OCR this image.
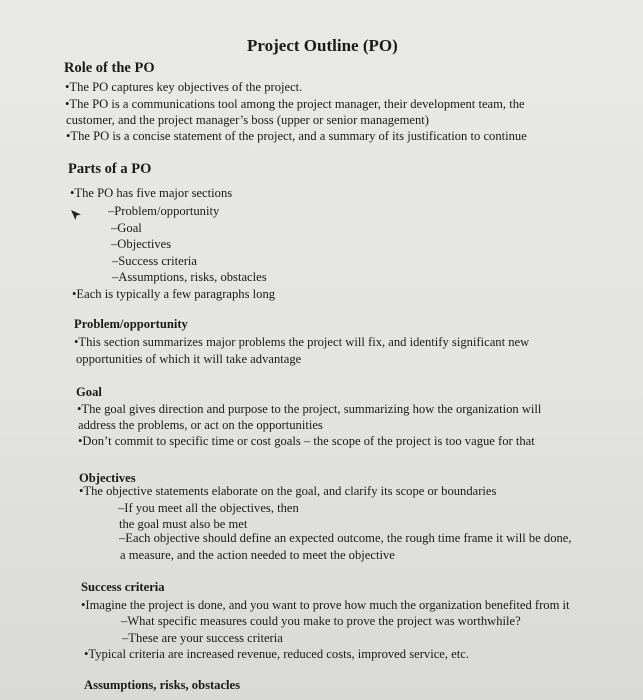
Project Outline (PO)
Role of the PO
•The PO captures key objectives of the project.
•The PO is a communications tool among the project manager, their development team, the
customer, and the project manager’s boss (upper or senior management)
•The PO is a concise statement of the project, and a summary of its justification to continue
Parts of a PO
•The PO has five major sections
–Problem/opportunity
–Goal
–Objectives
–Success criteria
–Assumptions, risks, obstacles
•Each is typically a few paragraphs long
Problem/opportunity
•This section summarizes major problems the project will fix, and identify significant new
opportunities of which it will take advantage
Goal
•The goal gives direction and purpose to the project, summarizing how the organization will
address the problems, or act on the opportunities
•Don’t commit to specific time or cost goals – the scope of the project is too vague for that
Objectives
•The objective statements elaborate on the goal, and clarify its scope or boundaries
–If you meet all the objectives, then
the goal must also be met
–Each objective should define an expected outcome, the rough time frame it will be done,
a measure, and the action needed to meet the objective
Success criteria
•Imagine the project is done, and you want to prove how much the organization benefited from it
–What specific measures could you make to prove the project was worthwhile?
–These are your success criteria
•Typical criteria are increased revenue, reduced costs, improved service, etc.
Assumptions, risks, obstacles
